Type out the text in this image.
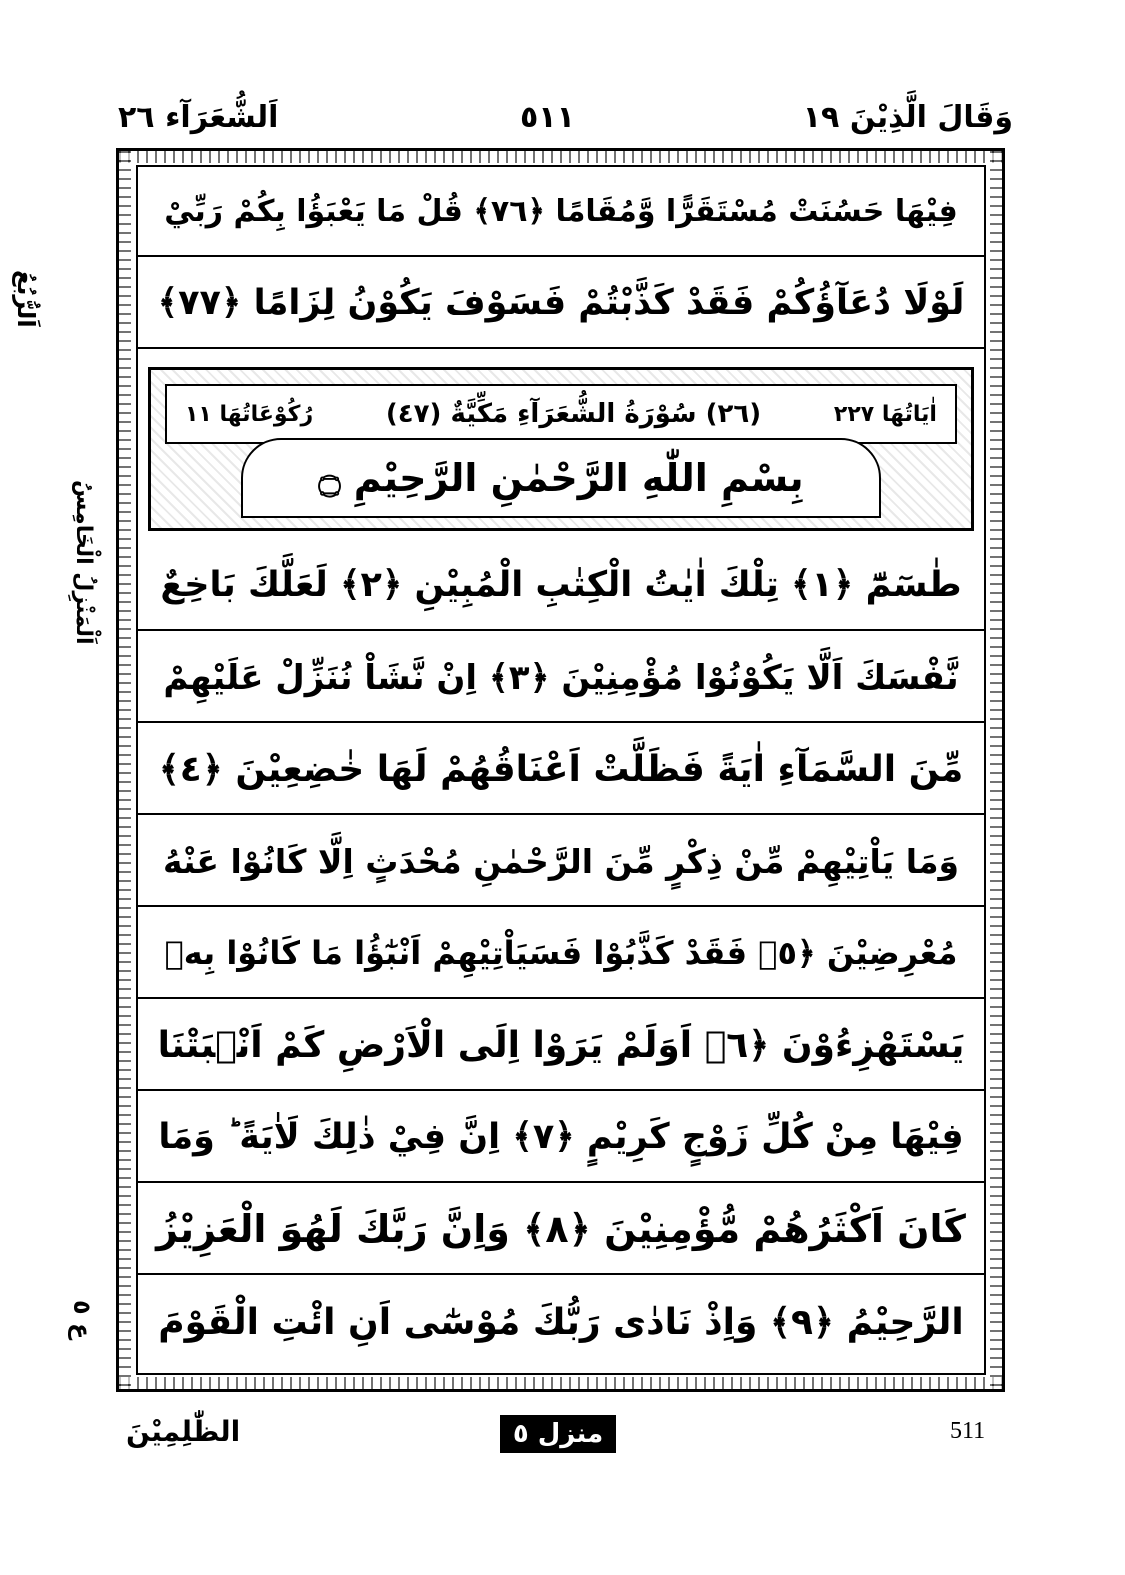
وَقَالَ الَّذِيْنَ ١٩
٥١١
اَلشُّعَرَآء ٢٦
اَلرُّبُعُ
اَلْمَنْزِلُ الْخَامِسُ
ع ٥
فِيْهَا حَسُنَتْ مُسْتَقَرًّا وَّمُقَامًا ﴿٧٦﴾ قُلْ مَا يَعْبَؤُا بِكُمْ رَبِّيْ
لَوْلَا دُعَآؤُكُمْ فَقَدْ كَذَّبْتُمْ فَسَوْفَ يَكُوْنُ لِزَامًا ﴿٧٧﴾
رُكُوْعَاتُهَا ١١	(٢٦) سُوْرَةُ الشُّعَرَآءِ مَكِّيَّةٌ (٤٧)	اٰيَاتُهَا ٢٢٧
بِسْمِ اللّٰهِ الرَّحْمٰنِ الرَّحِيْمِ ۝
طٰسٓمّٓ ﴿١﴾ تِلْكَ اٰيٰتُ الْكِتٰبِ الْمُبِيْنِ ﴿٢﴾ لَعَلَّكَ بَاخِعٌ
نَّفْسَكَ اَلَّا يَكُوْنُوْا مُؤْمِنِيْنَ ﴿٣﴾ اِنْ نَّشَاْ نُنَزِّلْ عَلَيْهِمْ
مِّنَ السَّمَآءِ اٰيَةً فَظَلَّتْ اَعْنَاقُهُمْ لَهَا خٰضِعِيْنَ ﴿٤﴾
وَمَا يَاْتِيْهِمْ مِّنْ ذِكْرٍ مِّنَ الرَّحْمٰنِ مُحْدَثٍ اِلَّا كَانُوْا عَنْهُ
مُعْرِضِيْنَ ﴿٥﴾ فَقَدْ كَذَّبُوْا فَسَيَاْتِيْهِمْ اَنْبٰٓؤُا مَا كَانُوْا بِهٖ
يَسْتَهْزِءُوْنَ ﴿٦﴾ اَوَلَمْ يَرَوْا اِلَى الْاَرْضِ كَمْ اَنْۢبَتْنَا
فِيْهَا مِنْ كُلِّ زَوْجٍ كَرِيْمٍ ﴿٧﴾ اِنَّ فِيْ ذٰلِكَ لَاٰيَةً ؕ وَمَا
كَانَ اَكْثَرُهُمْ مُّؤْمِنِيْنَ ﴿٨﴾ وَاِنَّ رَبَّكَ لَهُوَ الْعَزِيْزُ
الرَّحِيْمُ ﴿٩﴾ وَاِذْ نَادٰى رَبُّكَ مُوْسٰٓى اَنِ ائْتِ الْقَوْمَ
الظّٰلِمِيْنَ	منزل ٥	511
